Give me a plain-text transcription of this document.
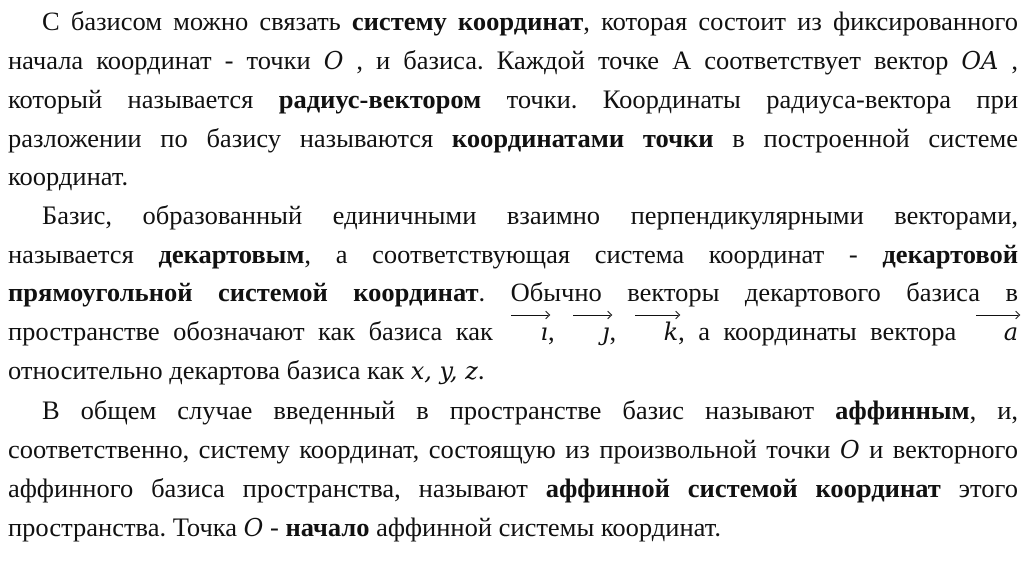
С базисом можно связать систему координат, которая состоит из фиксированного начала координат - точки O , и базиса. Каждой точке А соответствует вектор OA , который называется радиус-вектором точки. Координаты радиуса-вектора при разложении по базису называются координатами точки в построенной системе координат.

Базис, образованный единичными взаимно перпендикулярными векторами, называется декартовым, а соответствующая система координат - декартовой прямоугольной системой координат. Обычно векторы декартового базиса в пространстве обозначают как базиса как ı, ȷ, k, а координаты вектора a относительно декартова базиса как x, y, z.

В общем случае введенный в пространстве базис называют аффинным, и, соответственно, систему координат, состоящую из произвольной точки O и векторного аффинного базиса пространства, называют аффинной системой координат этого пространства. Точка O - начало аффинной системы координат.
